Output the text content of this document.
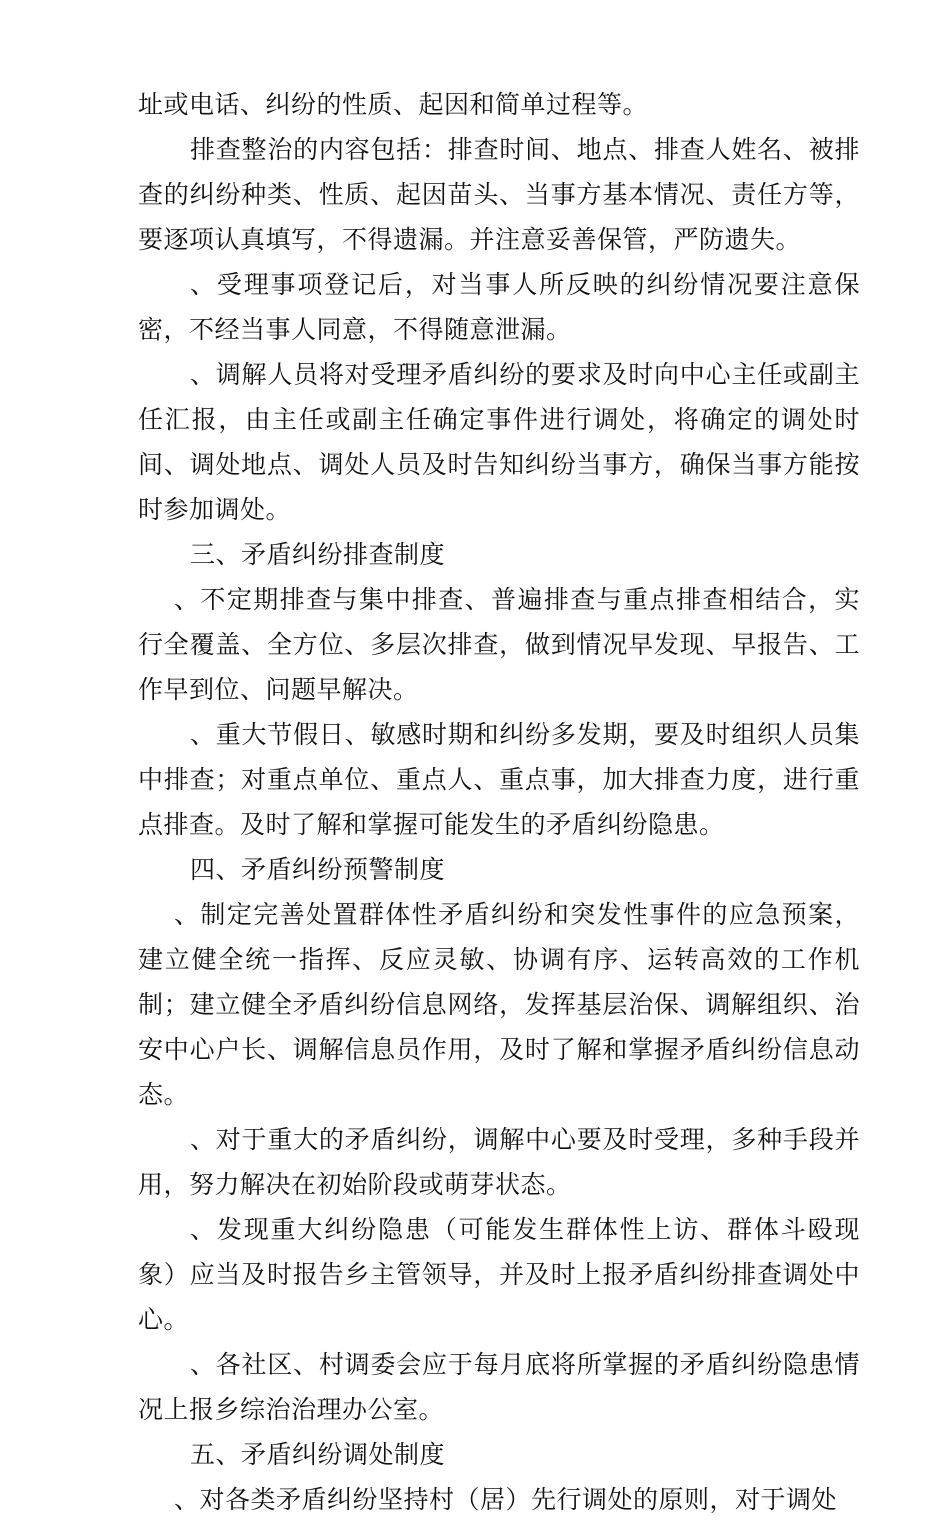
址或电话、纠纷的性质、起因和简单过程等。

排查整治的内容包括：排查时间、地点、排查人姓名、被排查的纠纷种类、性质、起因苗头、当事方基本情况、责任方等，要逐项认真填写，不得遗漏。并注意妥善保管，严防遗失。

、受理事项登记后，对当事人所反映的纠纷情况要注意保密，不经当事人同意，不得随意泄漏。

、调解人员将对受理矛盾纠纷的要求及时向中心主任或副主任汇报，由主任或副主任确定事件进行调处，将确定的调处时间、调处地点、调处人员及时告知纠纷当事方，确保当事方能按时参加调处。

三、矛盾纠纷排查制度

、不定期排查与集中排查、普遍排查与重点排查相结合，实行全覆盖、全方位、多层次排查，做到情况早发现、早报告、工作早到位、问题早解决。

、重大节假日、敏感时期和纠纷多发期，要及时组织人员集中排查；对重点单位、重点人、重点事，加大排查力度，进行重点排查。及时了解和掌握可能发生的矛盾纠纷隐患。

四、矛盾纠纷预警制度

、制定完善处置群体性矛盾纠纷和突发性事件的应急预案，建立健全统一指挥、反应灵敏、协调有序、运转高效的工作机制；建立健全矛盾纠纷信息网络，发挥基层治保、调解组织、治安中心户长、调解信息员作用，及时了解和掌握矛盾纠纷信息动态。

、对于重大的矛盾纠纷，调解中心要及时受理，多种手段并用，努力解决在初始阶段或萌芽状态。

、发现重大纠纷隐患（可能发生群体性上访、群体斗殴现象）应当及时报告乡主管领导，并及时上报矛盾纠纷排查调处中心。

、各社区、村调委会应于每月底将所掌握的矛盾纠纷隐患情况上报乡综治治理办公室。

五、矛盾纠纷调处制度

、对各类矛盾纠纷坚持村（居）先行调处的原则，对于调处
